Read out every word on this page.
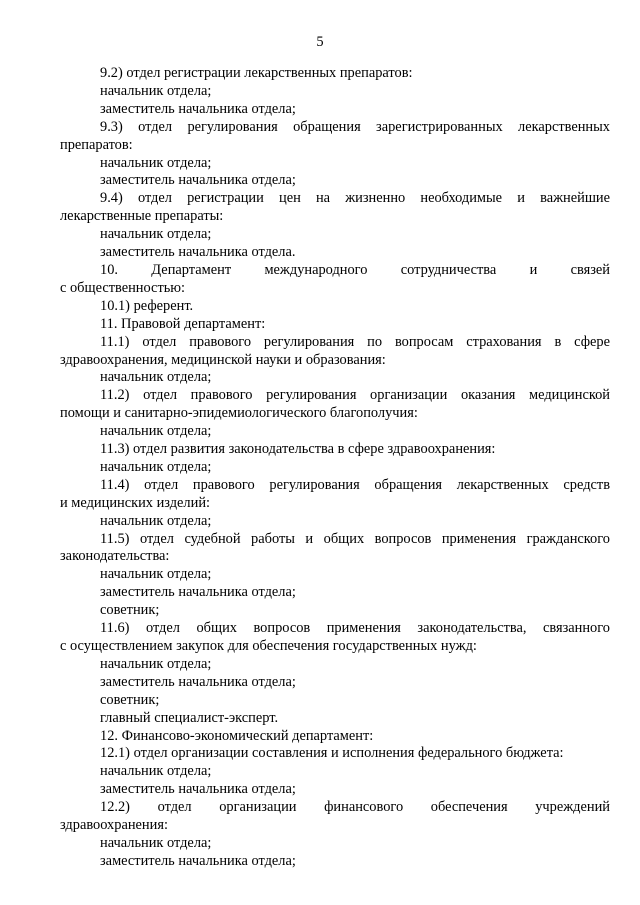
5

9.2) отдел регистрации лекарственных препаратов:

начальник отдела;

заместитель начальника отдела;

9.3) отдел регулирования обращения зарегистрированных лекарственных

препаратов:

начальник отдела;

заместитель начальника отдела;

9.4) отдел регистрации цен на жизненно необходимые и важнейшие

лекарственные препараты:

начальник отдела;

заместитель начальника отдела.

10. Департамент международного сотрудничества и связей

с общественностью:

10.1) референт.

11. Правовой департамент:

11.1) отдел правового регулирования по вопросам страхования в сфере

здравоохранения, медицинской науки и образования:

начальник отдела;

11.2) отдел правового регулирования организации оказания медицинской

помощи и санитарно-эпидемиологического благополучия:

начальник отдела;

11.3) отдел развития законодательства в сфере здравоохранения:

начальник отдела;

11.4) отдел правового регулирования обращения лекарственных средств

и медицинских изделий:

начальник отдела;

11.5) отдел судебной работы и общих вопросов применения гражданского

законодательства:

начальник отдела;

заместитель начальника отдела;

советник;

11.6) отдел общих вопросов применения законодательства, связанного

с осуществлением закупок для обеспечения государственных нужд:

начальник отдела;

заместитель начальника отдела;

советник;

главный специалист-эксперт.

12. Финансово-экономический департамент:

12.1) отдел организации составления и исполнения федерального бюджета:

начальник отдела;

заместитель начальника отдела;

12.2) отдел организации финансового обеспечения учреждений

здравоохранения:

начальник отдела;

заместитель начальника отдела;
